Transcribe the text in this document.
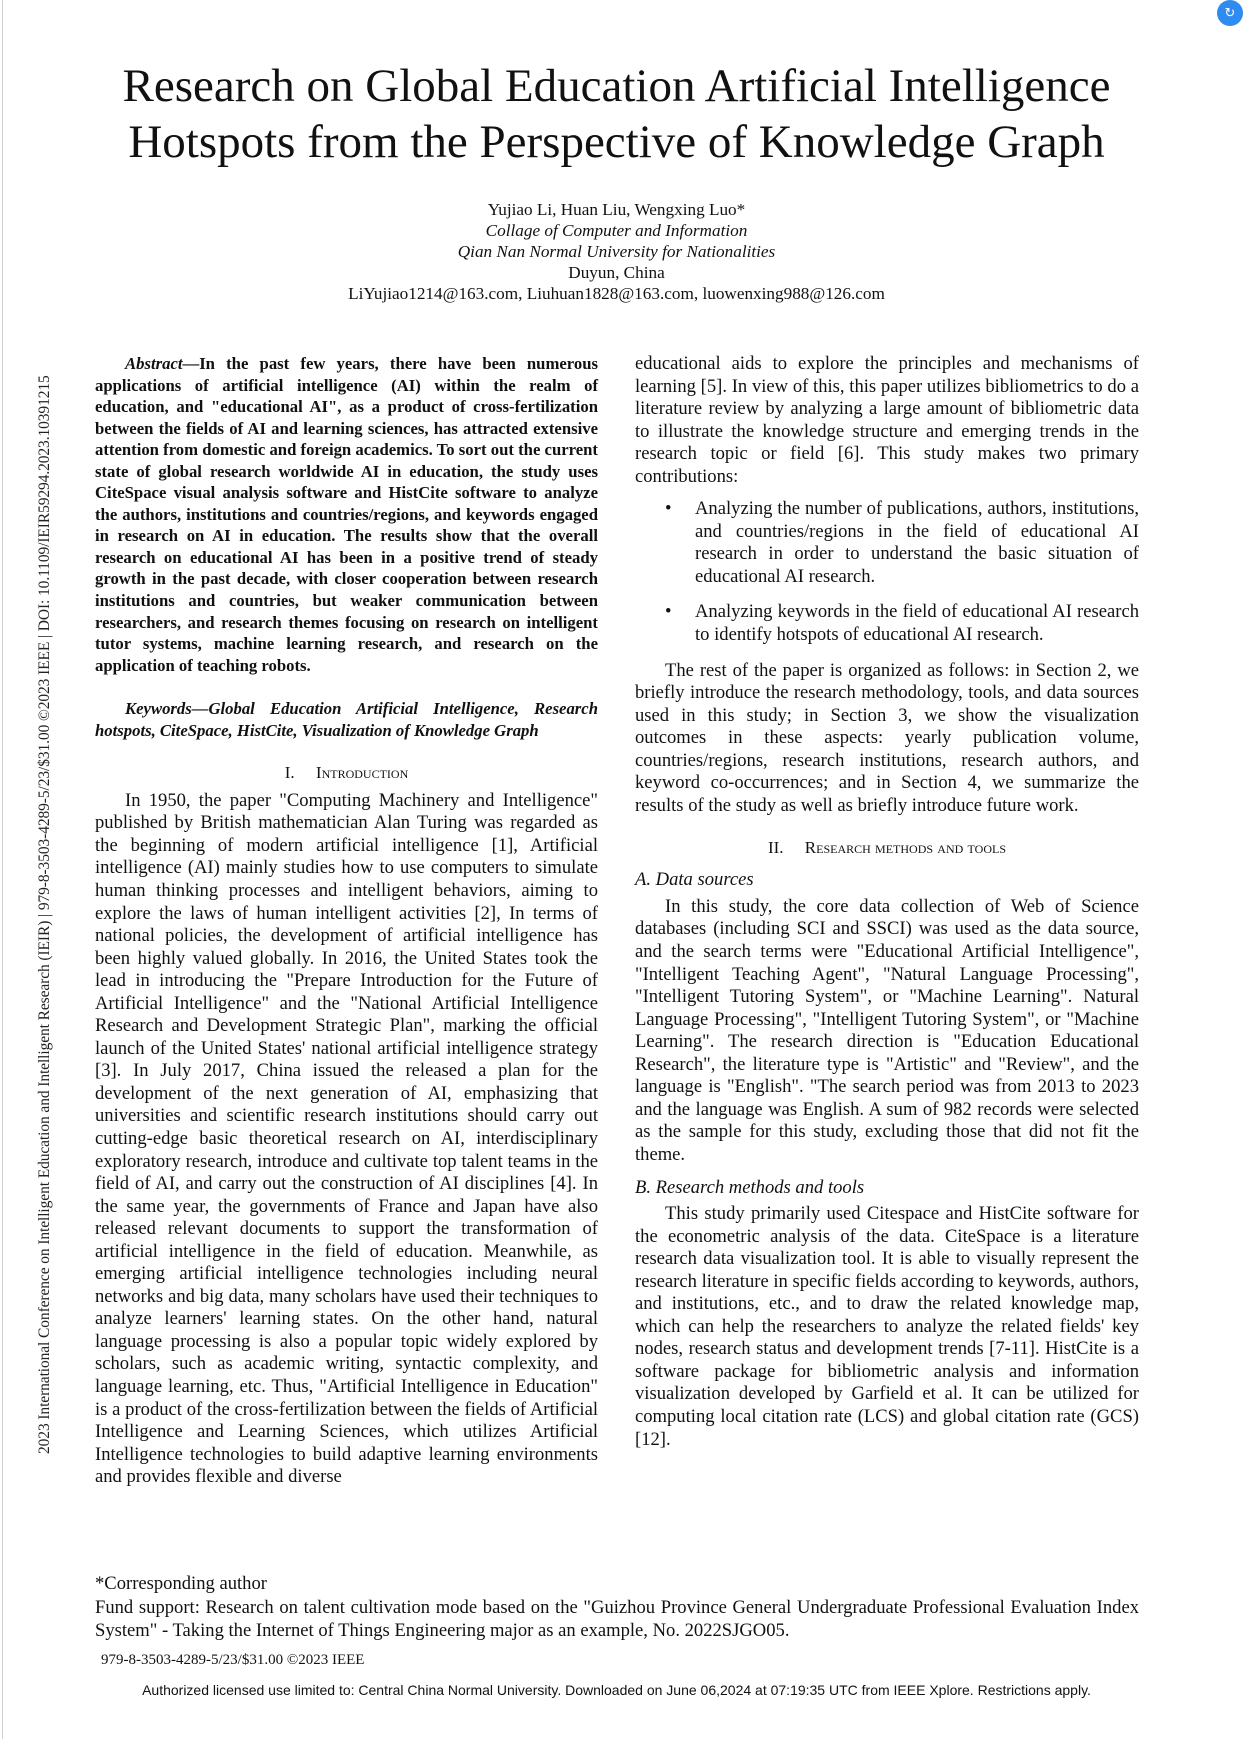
↻
2023 International Conference on Intelligent Education and Intelligent Research (IEIR) | 979-8-3503-4289-5/23/$31.00 ©2023 IEEE | DOI: 10.1109/IEIR59294.2023.10391215
Research on Global Education Artificial Intelligence
Hotspots from the Perspective of Knowledge Graph
Yujiao Li, Huan Liu, Wengxing Luo*
Collage of Computer and Information
Qian Nan Normal University for Nationalities
Duyun, China
LiYujiao1214@163.com, Liuhuan1828@163.com, luowenxing988@126.com

Abstract—In the past few years, there have been numerous applications of artificial intelligence (AI) within the realm of education, and "educational AI", as a product of cross-fertilization between the fields of AI and learning sciences, has attracted extensive attention from domestic and foreign academics. To sort out the current state of global research worldwide AI in education, the study uses CiteSpace visual analysis software and HistCite software to analyze the authors, institutions and countries/regions, and keywords engaged in research on AI in education. The results show that the overall research on educational AI has been in a positive trend of steady growth in the past decade, with closer cooperation between research institutions and countries, but weaker communication between researchers, and research themes focusing on research on intelligent tutor systems, machine learning research, and research on the application of teaching robots.

Keywords—Global Education Artificial Intelligence, Research hotspots, CiteSpace, HistCite, Visualization of Knowledge Graph

I. Introduction

In 1950, the paper "Computing Machinery and Intelligence" published by British mathematician Alan Turing was regarded as the beginning of modern artificial intelligence [1], Artificial intelligence (AI) mainly studies how to use computers to simulate human thinking processes and intelligent behaviors, aiming to explore the laws of human intelligent activities [2], In terms of national policies, the development of artificial intelligence has been highly valued globally. In 2016, the United States took the lead in introducing the "Prepare Introduction for the Future of Artificial Intelligence" and the "National Artificial Intelligence Research and Development Strategic Plan", marking the official launch of the United States' national artificial intelligence strategy [3]. In July 2017, China issued the released a plan for the development of the next generation of AI, emphasizing that universities and scientific research institutions should carry out cutting-edge basic theoretical research on AI, interdisciplinary exploratory research, introduce and cultivate top talent teams in the field of AI, and carry out the construction of AI disciplines [4]. In the same year, the governments of France and Japan have also released relevant documents to support the transformation of artificial intelligence in the field of education. Meanwhile, as emerging artificial intelligence technologies including neural networks and big data, many scholars have used their techniques to analyze learners' learning states. On the other hand, natural language processing is also a popular topic widely explored by scholars, such as academic writing, syntactic complexity, and language learning, etc. Thus, "Artificial Intelligence in Education" is a product of the cross-fertilization between the fields of Artificial Intelligence and Learning Sciences, which utilizes Artificial Intelligence technologies to build adaptive learning environments and provides flexible and diverse

educational aids to explore the principles and mechanisms of learning [5]. In view of this, this paper utilizes bibliometrics to do a literature review by analyzing a large amount of bibliometric data to illustrate the knowledge structure and emerging trends in the research topic or field [6]. This study makes two primary contributions:

• Analyzing the number of publications, authors, institutions, and countries/regions in the field of educational AI research in order to understand the basic situation of educational AI research.
• Analyzing keywords in the field of educational AI research to identify hotspots of educational AI research.

The rest of the paper is organized as follows: in Section 2, we briefly introduce the research methodology, tools, and data sources used in this study; in Section 3, we show the visualization outcomes in these aspects: yearly publication volume, countries/regions, research institutions, research authors, and keyword co-occurrences; and in Section 4, we summarize the results of the study as well as briefly introduce future work.

II. Research methods and tools

A. Data sources

In this study, the core data collection of Web of Science databases (including SCI and SSCI) was used as the data source, and the search terms were "Educational Artificial Intelligence", "Intelligent Teaching Agent", "Natural Language Processing", "Intelligent Tutoring System", or "Machine Learning". Natural Language Processing", "Intelligent Tutoring System", or "Machine Learning". The research direction is "Education Educational Research", the literature type is "Artistic" and "Review", and the language is "English". "The search period was from 2013 to 2023 and the language was English. A sum of 982 records were selected as the sample for this study, excluding those that did not fit the theme.

B. Research methods and tools

This study primarily used Citespace and HistCite software for the econometric analysis of the data. CiteSpace is a literature research data visualization tool. It is able to visually represent the research literature in specific fields according to keywords, authors, and institutions, etc., and to draw the related knowledge map, which can help the researchers to analyze the related fields' key nodes, research status and development trends [7-11]. HistCite is a software package for bibliometric analysis and information visualization developed by Garfield et al. It can be utilized for computing local citation rate (LCS) and global citation rate (GCS) [12].

*Corresponding author

Fund support: Research on talent cultivation mode based on the "Guizhou Province General Undergraduate Professional Evaluation Index System" - Taking the Internet of Things Engineering major as an example, No. 2022SJGO05.

979-8-3503-4289-5/23/$31.00 ©2023 IEEE
Authorized licensed use limited to: Central China Normal University. Downloaded on June 06,2024 at 07:19:35 UTC from IEEE Xplore. Restrictions apply.
